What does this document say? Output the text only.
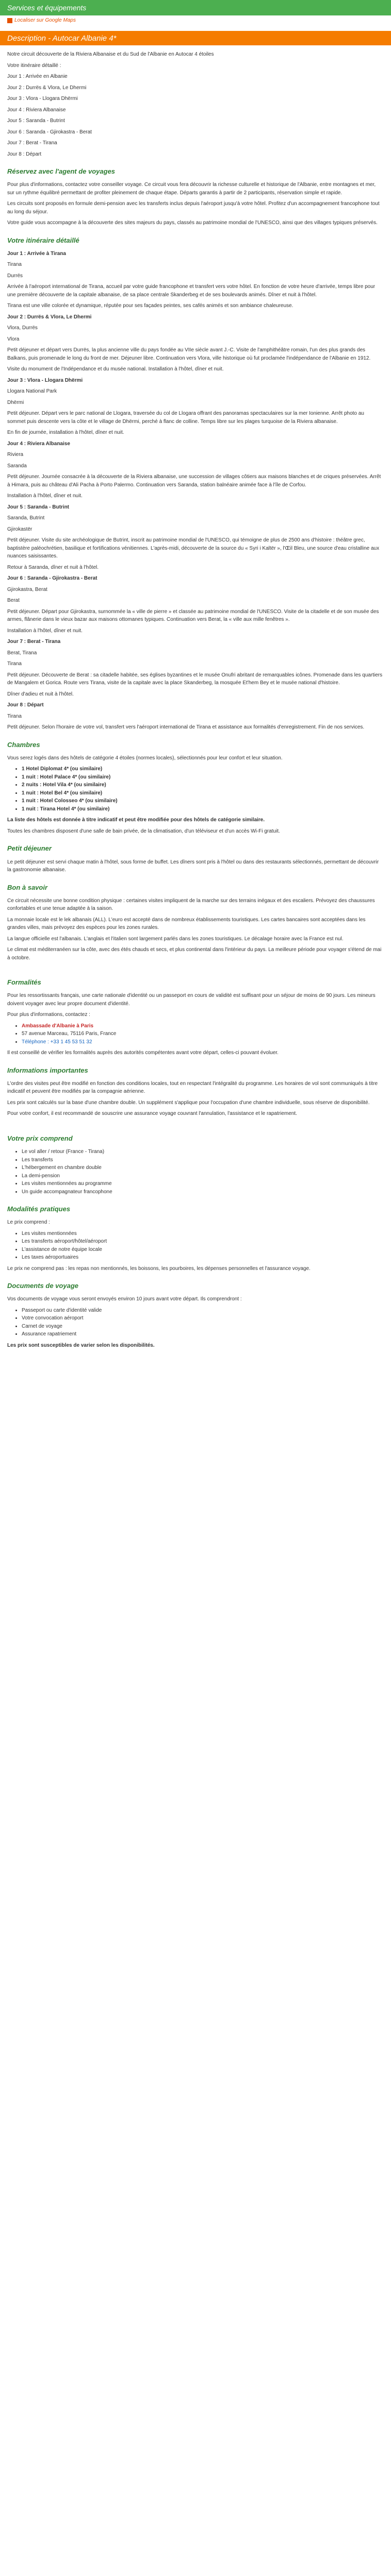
Services et équipements
Localiser sur Google Maps
Description - Autocar Albanie 4*

Notre circuit découverte de la Riviera Albanaise et du Sud de l'Albanie en Autocar 4 étoiles

Votre itinéraire détaillé :

Jour 1 : Arrivée en Albanie

Jour 2 : Durrës & Vlora, Le Dhermi

Jour 3 : Vlora - Llogara Dhërmi

Jour 4 : Riviera Albanaise

Jour 5 : Saranda - Butrint

Jour 6 : Saranda - Gjirokastra - Berat

Jour 7 : Berat - Tirana

Jour 8 : Départ

Réservez avec l'agent de voyages

Pour plus d'informations, contactez votre conseiller voyage. Ce circuit vous fera découvrir la richesse culturelle et historique de l'Albanie, entre montagnes et mer, sur un rythme équilibré permettant de profiter pleinement de chaque étape. Départs garantis à partir de 2 participants, réservation simple et rapide.

Les circuits sont proposés en formule demi-pension avec les transferts inclus depuis l'aéroport jusqu'à votre hôtel. Profitez d'un accompagnement francophone tout au long du séjour.

Votre guide vous accompagne à la découverte des sites majeurs du pays, classés au patrimoine mondial de l'UNESCO, ainsi que des villages typiques préservés.

Votre itinéraire détaillé

Jour 1 : Arrivée à Tirana

Tirana

Durrës

Arrivée à l'aéroport international de Tirana, accueil par votre guide francophone et transfert vers votre hôtel. En fonction de votre heure d'arrivée, temps libre pour une première découverte de la capitale albanaise, de sa place centrale Skanderbeg et de ses boulevards animés. Dîner et nuit à l'hôtel.

Tirana est une ville colorée et dynamique, réputée pour ses façades peintes, ses cafés animés et son ambiance chaleureuse.

Jour 2 : Durrës & Vlora, Le Dhermi

Vlora, Durrës

Vlora

Petit déjeuner et départ vers Durrës, la plus ancienne ville du pays fondée au VIIe siècle avant J.-C. Visite de l'amphithéâtre romain, l'un des plus grands des Balkans, puis promenade le long du front de mer. Déjeuner libre. Continuation vers Vlora, ville historique où fut proclamée l'indépendance de l'Albanie en 1912.

Visite du monument de l'Indépendance et du musée national. Installation à l'hôtel, dîner et nuit.

Jour 3 : Vlora - Llogara Dhërmi

Llogara National Park

Dhërmi

Petit déjeuner. Départ vers le parc national de Llogara, traversée du col de Llogara offrant des panoramas spectaculaires sur la mer Ionienne. Arrêt photo au sommet puis descente vers la côte et le village de Dhërmi, perché à flanc de colline. Temps libre sur les plages turquoise de la Riviera albanaise.

En fin de journée, installation à l'hôtel, dîner et nuit.

Jour 4 : Riviera Albanaise

Riviera

Saranda

Petit déjeuner. Journée consacrée à la découverte de la Riviera albanaise, une succession de villages côtiers aux maisons blanches et de criques préservées. Arrêt à Himara, puis au château d'Ali Pacha à Porto Palermo. Continuation vers Saranda, station balnéaire animée face à l'île de Corfou.

Installation à l'hôtel, dîner et nuit.

Jour 5 : Saranda - Butrint

Saranda, Butrint

Gjirokastër

Petit déjeuner. Visite du site archéologique de Butrint, inscrit au patrimoine mondial de l'UNESCO, qui témoigne de plus de 2500 ans d'histoire : théâtre grec, baptistère paléochrétien, basilique et fortifications vénitiennes. L'après-midi, découverte de la source du « Syri i Kaltër », l'Œil Bleu, une source d'eau cristalline aux nuances saisissantes.

Retour à Saranda, dîner et nuit à l'hôtel.

Jour 6 : Saranda - Gjirokastra - Berat

Gjirokastra, Berat

Berat

Petit déjeuner. Départ pour Gjirokastra, surnommée la « ville de pierre » et classée au patrimoine mondial de l'UNESCO. Visite de la citadelle et de son musée des armes, flânerie dans le vieux bazar aux maisons ottomanes typiques. Continuation vers Berat, la « ville aux mille fenêtres ».

Installation à l'hôtel, dîner et nuit.

Jour 7 : Berat - Tirana

Berat, Tirana

Tirana

Petit déjeuner. Découverte de Berat : sa citadelle habitée, ses églises byzantines et le musée Onufri abritant de remarquables icônes. Promenade dans les quartiers de Mangalem et Gorica. Route vers Tirana, visite de la capitale avec la place Skanderbeg, la mosquée Et'hem Bey et le musée national d'histoire.

Dîner d'adieu et nuit à l'hôtel.

Jour 8 : Départ

Tirana

Petit déjeuner. Selon l'horaire de votre vol, transfert vers l'aéroport international de Tirana et assistance aux formalités d'enregistrement. Fin de nos services.

Chambres

Vous serez logés dans des hôtels de catégorie 4 étoiles (normes locales), sélectionnés pour leur confort et leur situation.

• 1 Hotel Diplomat 4* (ou similaire)
• 1 nuit : Hotel Palace 4* (ou similaire)
• 2 nuits : Hotel Vila 4* (ou similaire)
• 1 nuit : Hotel Bel 4* (ou similaire)
• 1 nuit : Hotel Colosseo 4* (ou similaire)
• 1 nuit : Tirana Hotel 4* (ou similaire)

La liste des hôtels est donnée à titre indicatif et peut être modifiée pour des hôtels de catégorie similaire.

Toutes les chambres disposent d'une salle de bain privée, de la climatisation, d'un téléviseur et d'un accès Wi-Fi gratuit.

Petit déjeuner

Le petit déjeuner est servi chaque matin à l'hôtel, sous forme de buffet. Les dîners sont pris à l'hôtel ou dans des restaurants sélectionnés, permettant de découvrir la gastronomie albanaise.

Bon à savoir

Ce circuit nécessite une bonne condition physique : certaines visites impliquent de la marche sur des terrains inégaux et des escaliers. Prévoyez des chaussures confortables et une tenue adaptée à la saison.

La monnaie locale est le lek albanais (ALL). L'euro est accepté dans de nombreux établissements touristiques. Les cartes bancaires sont acceptées dans les grandes villes, mais prévoyez des espèces pour les zones rurales.

La langue officielle est l'albanais. L'anglais et l'italien sont largement parlés dans les zones touristiques. Le décalage horaire avec la France est nul.

Le climat est méditerranéen sur la côte, avec des étés chauds et secs, et plus continental dans l'intérieur du pays. La meilleure période pour voyager s'étend de mai à octobre.

Formalités

Pour les ressortissants français, une carte nationale d'identité ou un passeport en cours de validité est suffisant pour un séjour de moins de 90 jours. Les mineurs doivent voyager avec leur propre document d'identité.

Pour plus d'informations, contactez :

• Ambassade d'Albanie à Paris
• 57 avenue Marceau, 75116 Paris, France
• Téléphone : +33 1 45 53 51 32

Il est conseillé de vérifier les formalités auprès des autorités compétentes avant votre départ, celles-ci pouvant évoluer.

Informations importantes

L'ordre des visites peut être modifié en fonction des conditions locales, tout en respectant l'intégralité du programme. Les horaires de vol sont communiqués à titre indicatif et peuvent être modifiés par la compagnie aérienne.

Les prix sont calculés sur la base d'une chambre double. Un supplément s'applique pour l'occupation d'une chambre individuelle, sous réserve de disponibilité.

Pour votre confort, il est recommandé de souscrire une assurance voyage couvrant l'annulation, l'assistance et le rapatriement.

Votre prix comprend
• Le vol aller / retour (France - Tirana)
• Les transferts
• L'hébergement en chambre double
• La demi-pension
• Les visites mentionnées au programme
• Un guide accompagnateur francophone
Modalités pratiques

Le prix comprend :

• Les visites mentionnées
• Les transferts aéroport/hôtel/aéroport
• L'assistance de notre équipe locale
• Les taxes aéroportuaires

Le prix ne comprend pas : les repas non mentionnés, les boissons, les pourboires, les dépenses personnelles et l'assurance voyage.

Documents de voyage

Vos documents de voyage vous seront envoyés environ 10 jours avant votre départ. Ils comprendront :

• Passeport ou carte d'identité valide
• Votre convocation aéroport
• Carnet de voyage
• Assurance rapatriement

Les prix sont susceptibles de varier selon les disponibilités.
